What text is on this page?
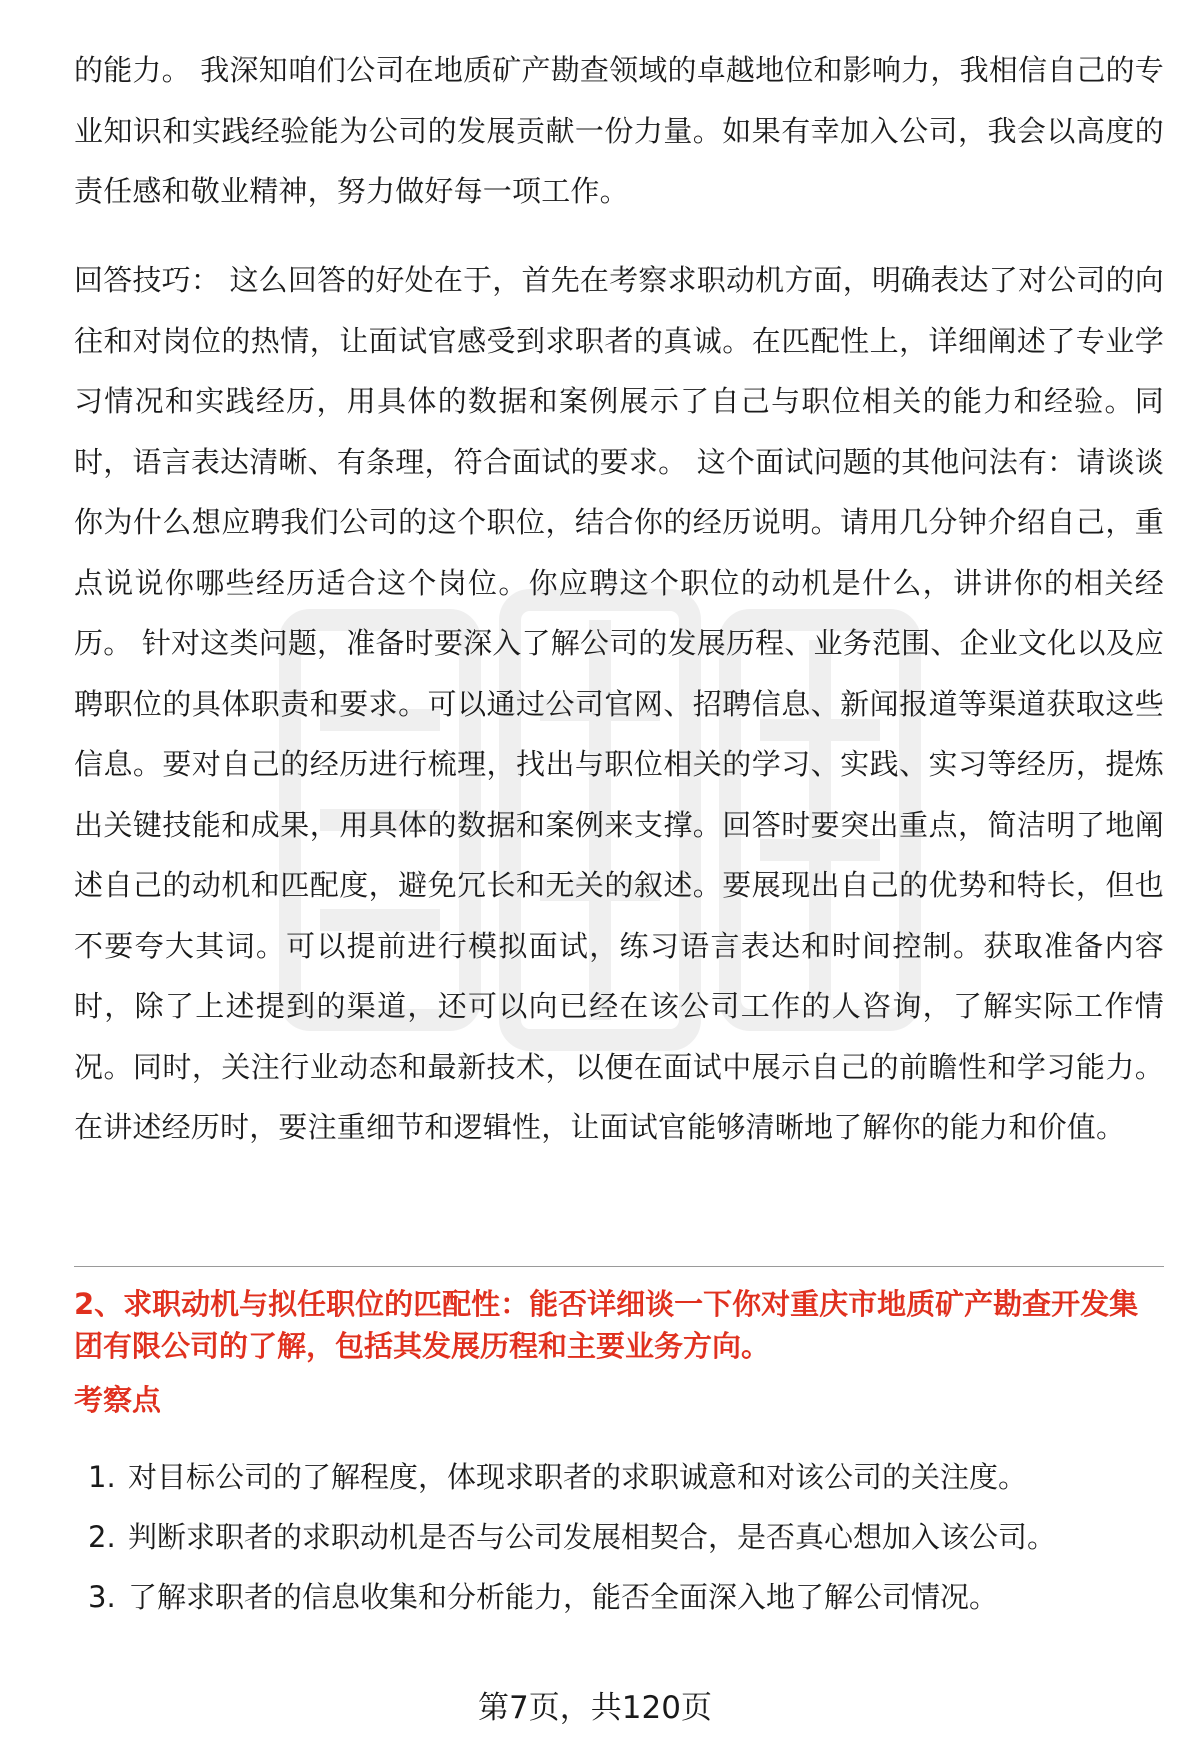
的能力。 我深知咱们公司在地质矿产勘查领域的卓越地位和影响力，我相信自己的专业知识和实践经验能为公司的发展贡献一份力量。如果有幸加入公司，我会以高度的责任感和敬业精神，努力做好每一项工作。

回答技巧： 这么回答的好处在于，首先在考察求职动机方面，明确表达了对公司的向往和对岗位的热情，让面试官感受到求职者的真诚。在匹配性上，详细阐述了专业学习情况和实践经历，用具体的数据和案例展示了自己与职位相关的能力和经验。同时，语言表达清晰、有条理，符合面试的要求。 这个面试问题的其他问法有：请谈谈你为什么想应聘我们公司的这个职位，结合你的经历说明。请用几分钟介绍自己，重点说说你哪些经历适合这个岗位。你应聘这个职位的动机是什么，讲讲你的相关经历。 针对这类问题，准备时要深入了解公司的发展历程、业务范围、企业文化以及应聘职位的具体职责和要求。可以通过公司官网、招聘信息、新闻报道等渠道获取这些信息。要对自己的经历进行梳理，找出与职位相关的学习、实践、实习等经历，提炼出关键技能和成果，用具体的数据和案例来支撑。回答时要突出重点，简洁明了地阐述自己的动机和匹配度，避免冗长和无关的叙述。要展现出自己的优势和特长，但也不要夸大其词。可以提前进行模拟面试，练习语言表达和时间控制。获取准备内容时，除了上述提到的渠道，还可以向已经在该公司工作的人咨询，了解实际工作情况。同时，关注行业动态和最新技术，以便在面试中展示自己的前瞻性和学习能力。在讲述经历时，要注重细节和逻辑性，让面试官能够清晰地了解你的能力和价值。

2、求职动机与拟任职位的匹配性：能否详细谈一下你对重庆市地质矿产勘查开发集团有限公司的了解，包括其发展历程和主要业务方向。

考察点

1. 对目标公司的了解程度，体现求职者的求职诚意和对该公司的关注度。
2. 判断求职者的求职动机是否与公司发展相契合，是否真心想加入该公司。
3. 了解求职者的信息收集和分析能力，能否全面深入地了解公司情况。
第7页，共120页
